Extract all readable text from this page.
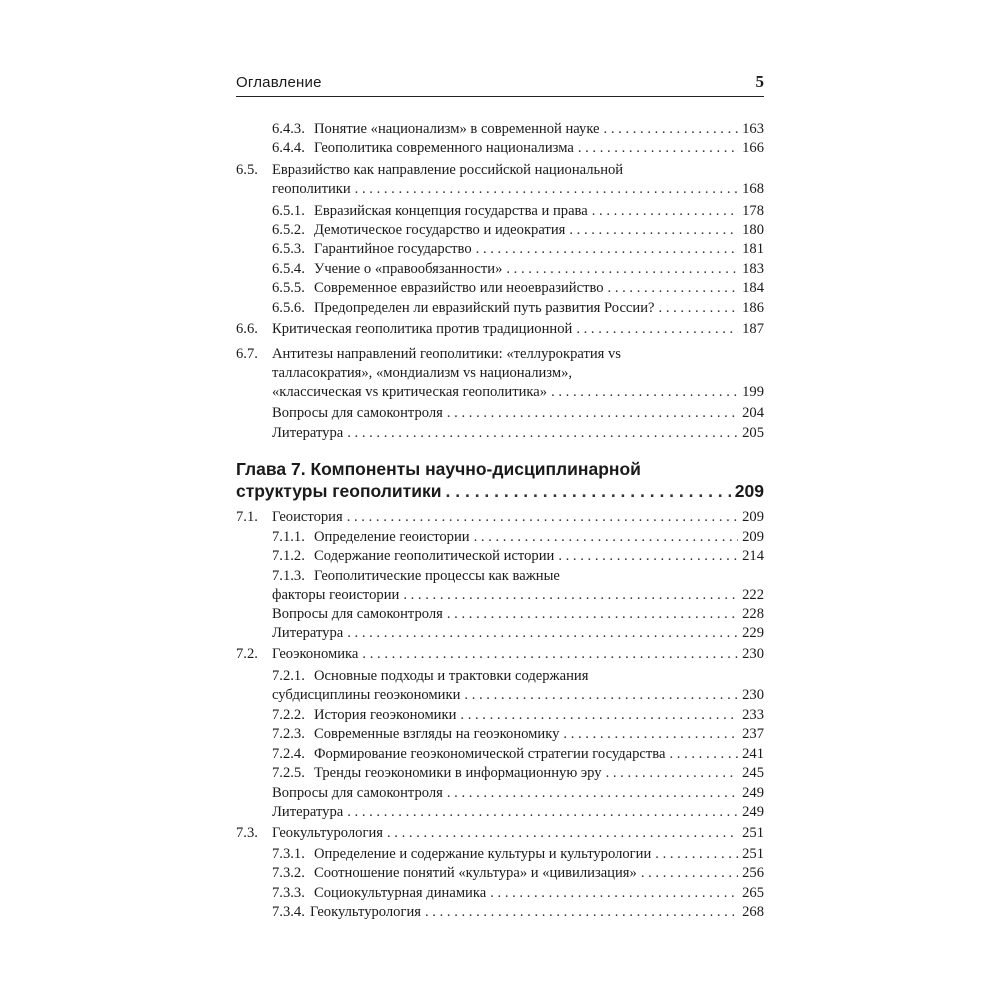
Оглавление	5
6.4.3. Понятие «национализм» в современной науке . . .	163
6.4.4. Геополитика современного национализма . . .	166
6.5. Евразийство как направление российской национальной
геополитики . . .	168
6.5.1. Евразийская концепция государства и права . . .	178
6.5.2. Демотическое государство и идеократия . . .	180
6.5.3. Гарантийное государство . . .	181
6.5.4. Учение о «правообязанности» . . .	183
6.5.5. Современное евразийство или неоевразийство . . .	184
6.5.6. Предопределен ли евразийский путь развития России? . . .	186
6.6. Критическая геополитика против традиционной . . .	187
6.7. Антитезы направлений геополитики: «теллурократия vs
талласократия», «мондиализм vs национализм»,
«классическая vs критическая геополитика» . . .	199
Вопросы для самоконтроля . . .	204
Литература . . .	205
Глава 7. Компоненты научно-дисциплинарной
структуры геополитики . . .	209
7.1. Геоистория . . .	209
7.1.1. Определение геоистории . . .	209
7.1.2. Содержание геополитической истории . . .	214
7.1.3. Геополитические процессы как важные
факторы геоистории . . .	222
Вопросы для самоконтроля . . .	228
Литература . . .	229
7.2. Геоэкономика . . .	230
7.2.1. Основные подходы и трактовки содержания
субдисциплины геоэкономики . . .	230
7.2.2. История геоэкономики . . .	233
7.2.3. Современные взгляды на геоэкономику . . .	237
7.2.4. Формирование геоэкономической стратегии государства . . .	241
7.2.5. Тренды геоэкономики в информационную эру . . .	245
Вопросы для самоконтроля . . .	249
Литература . . .	249
7.3. Геокультурология . . .	251
7.3.1. Определение и содержание культуры и культурологии . . .	251
7.3.2. Соотношение понятий «культура» и «цивилизация» . . .	256
7.3.3. Социокультурная динамика . . .	265
7.3.4. Геокультурология . . .	268
